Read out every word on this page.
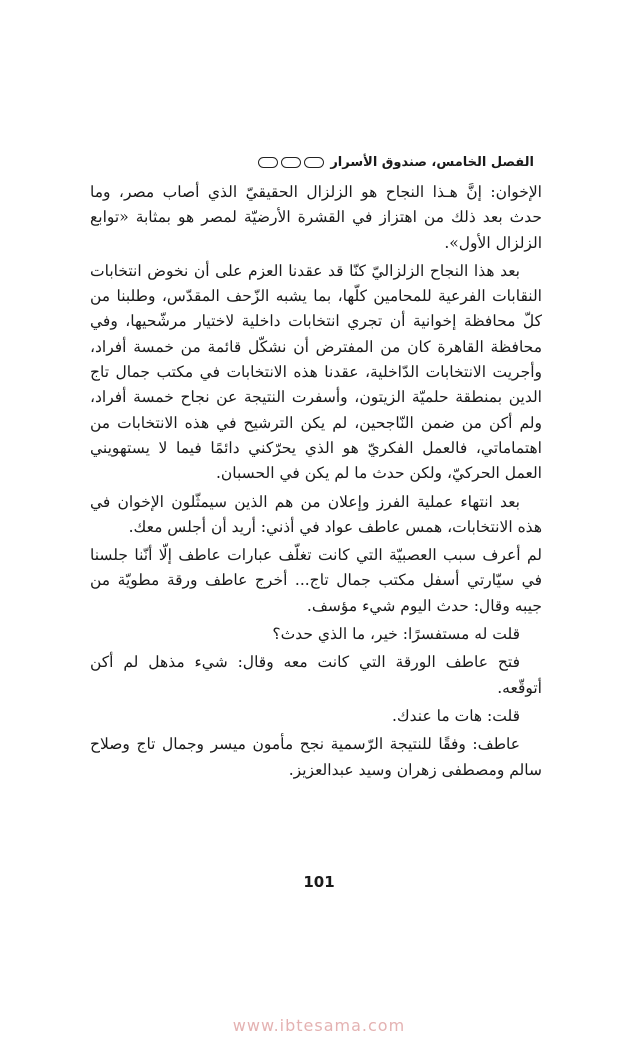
الفصل الخامس، صندوق الأسرار

الإخوان: إنَّ هـذا النجاح هو الزلزال الحقيقيّ الذي أصاب مصر، وما حدث بعد ذلك من اهتزاز في القشرة الأرضيّة لمصر هو بمثابة «توابع الزلزال الأول».

بعد هذا النجاح الزلزاليّ كنّا قد عقدنا العزم على أن نخوض انتخابات النقابات الفرعية للمحامين كلّها، بما يشبه الزّحف المقدّس، وطلبنا من كلّ محافظة إخوانية أن تجري انتخابات داخلية لاختيار مرشّحيها، وفي محافظة القاهرة كان من المفترض أن نشكّل قائمة من خمسة أفراد، وأجريت الانتخابات الدّاخلية، عقدنا هذه الانتخابات في مكتب جمال تاج الدين بمنطقة حلميّة الزيتون، وأسفرت النتيجة عن نجاح خمسة أفراد، ولم أكن من ضمن النّاجحين، لم يكن الترشيح في هذه الانتخابات من اهتماماتي، فالعمل الفكريّ هو الذي يحرّكني دائمًا فيما لا يستهويني العمل الحركيّ، ولكن حدث ما لم يكن في الحسبان.

بعد انتهاء عملية الفرز وإعلان من هم الذين سيمثّلون الإخوان في هذه الانتخابات، همس عاطف عواد في أذني: أريد أن أجلس معك.

لم أعرف سبب العصبيّة التي كانت تغلّف عبارات عاطف إلّا أنّنا جلسنا في سيّارتي أسفل مكتب جمال تاج... أخرج عاطف ورقة مطويّة من جيبه وقال: حدث اليوم شيء مؤسف.

قلت له مستفسرًا: خير، ما الذي حدث؟

فتح عاطف الورقة التي كانت معه وقال: شيء مذهل لم أكن أتوقّعه.

قلت: هات ما عندك.

عاطف: وفقًا للنتيجة الرّسمية نجح مأمون ميسر وجمال تاج وصلاح سالم ومصطفى زهران وسيد عبدالعزيز.

101
www.ibtesama.com
